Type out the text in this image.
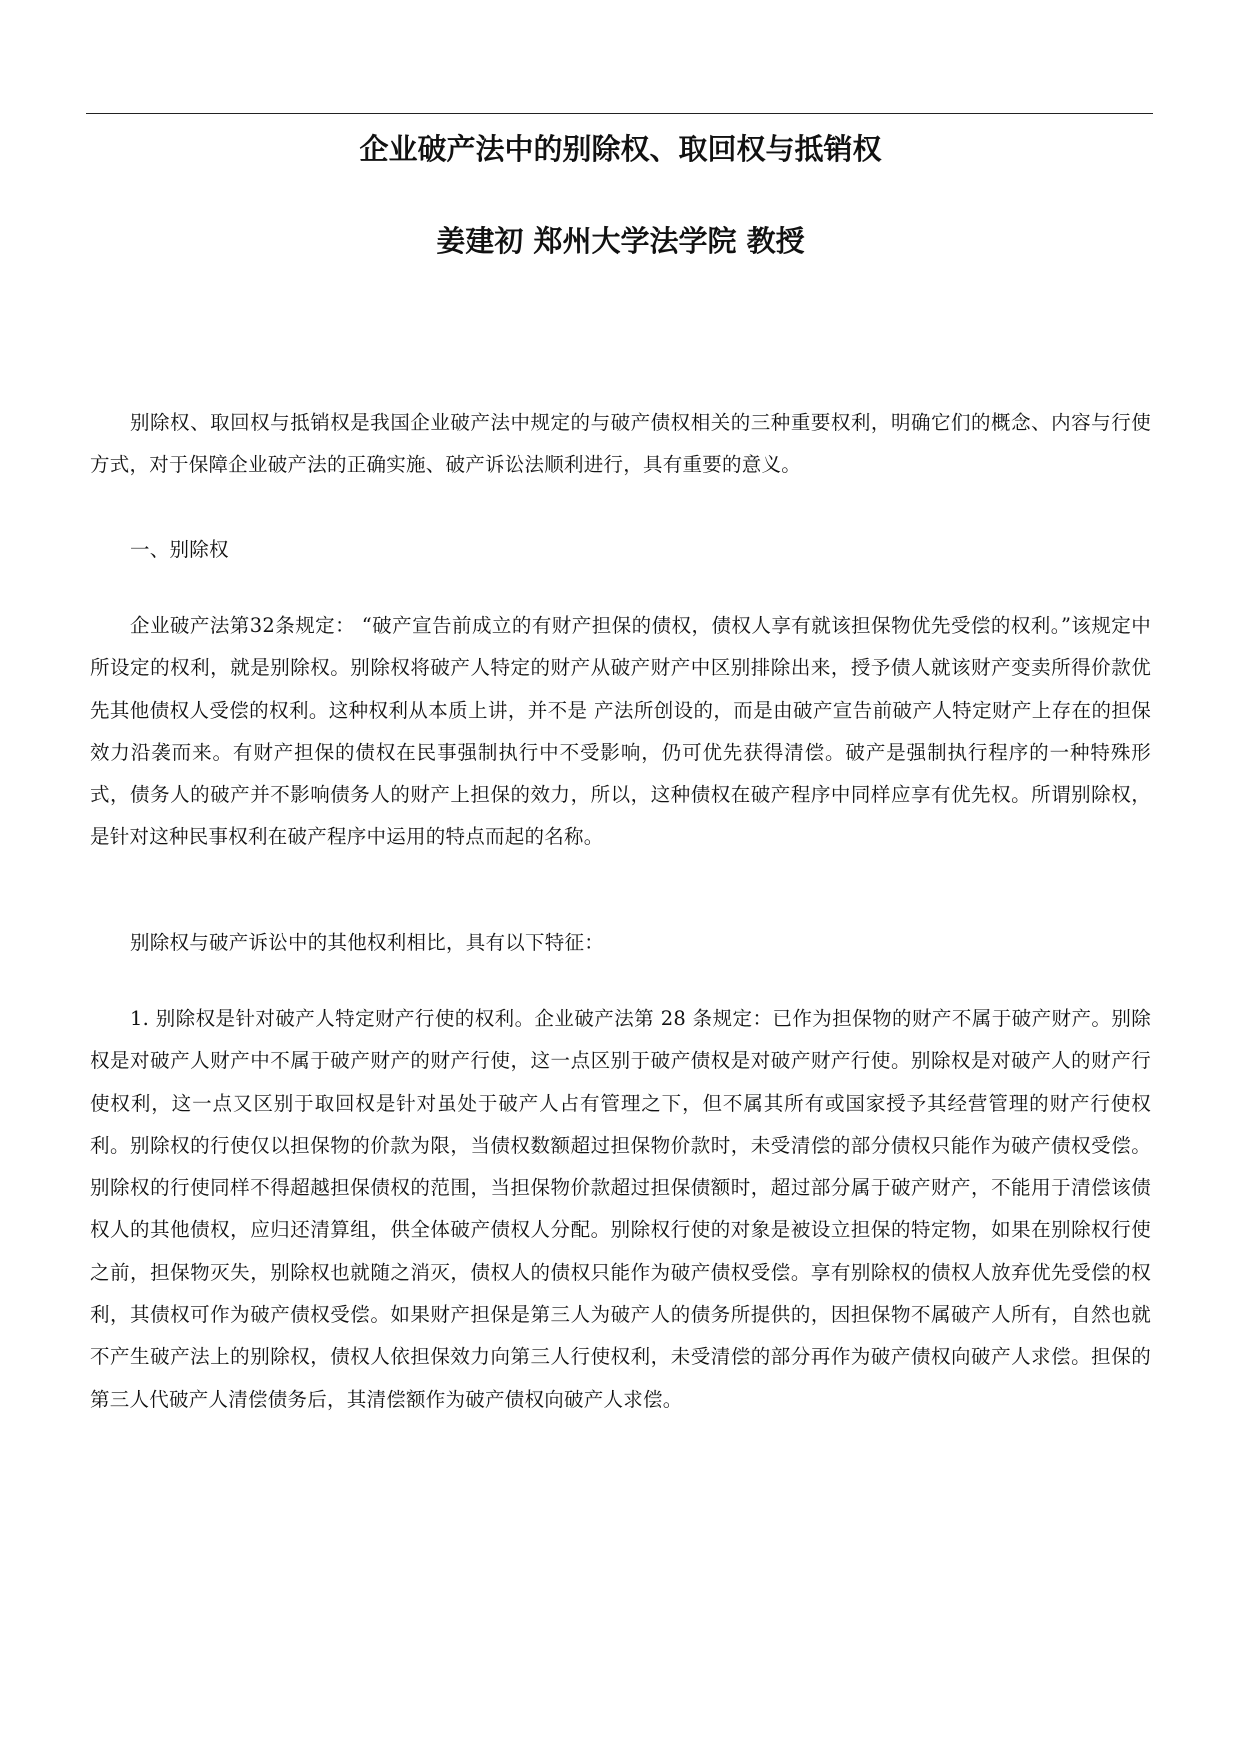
企业破产法中的别除权、取回权与抵销权
姜建初 郑州大学法学院 教授

别除权、取回权与抵销权是我国企业破产法中规定的与破产债权相关的三种重要权利，明确它们的概念、内容与行使方式，对于保障企业破产法的正确实施、破产诉讼法顺利进行，具有重要的意义。

一、别除权

企业破产法第32条规定： “破产宣告前成立的有财产担保的债权，债权人享有就该担保物优先受偿的权利。”该规定中所设定的权利，就是别除权。别除权将破产人特定的财产从破产财产中区别排除出来，授予债人就该财产变卖所得价款优先其他债权人受偿的权利。这种权利从本质上讲，并不是 产法所创设的，而是由破产宣告前破产人特定财产上存在的担保效力沿袭而来。有财产担保的债权在民事强制执行中不受影响，仍可优先获得清偿。破产是强制执行程序的一种特殊形式，债务人的破产并不影响债务人的财产上担保的效力，所以，这种债权在破产程序中同样应享有优先权。所谓别除权，是针对这种民事权利在破产程序中运用的特点而起的名称。

别除权与破产诉讼中的其他权利相比，具有以下特征：

1. 别除权是针对破产人特定财产行使的权利。企业破产法第 28 条规定：已作为担保物的财产不属于破产财产。别除权是对破产人财产中不属于破产财产的财产行使，这一点区别于破产债权是对破产财产行使。别除权是对破产人的财产行使权利，这一点又区别于取回权是针对虽处于破产人占有管理之下，但不属其所有或国家授予其经营管理的财产行使权利。别除权的行使仅以担保物的价款为限，当债权数额超过担保物价款时，未受清偿的部分债权只能作为破产债权受偿。别除权的行使同样不得超越担保债权的范围，当担保物价款超过担保债额时，超过部分属于破产财产，不能用于清偿该债权人的其他债权，应归还清算组，供全体破产债权人分配。别除权行使的对象是被设立担保的特定物，如果在别除权行使之前，担保物灭失，别除权也就随之消灭，债权人的债权只能作为破产债权受偿。享有别除权的债权人放弃优先受偿的权利，其债权可作为破产债权受偿。如果财产担保是第三人为破产人的债务所提供的，因担保物不属破产人所有，自然也就不产生破产法上的别除权，债权人依担保效力向第三人行使权利，未受清偿的部分再作为破产债权向破产人求偿。担保的第三人代破产人清偿债务后，其清偿额作为破产债权向破产人求偿。
